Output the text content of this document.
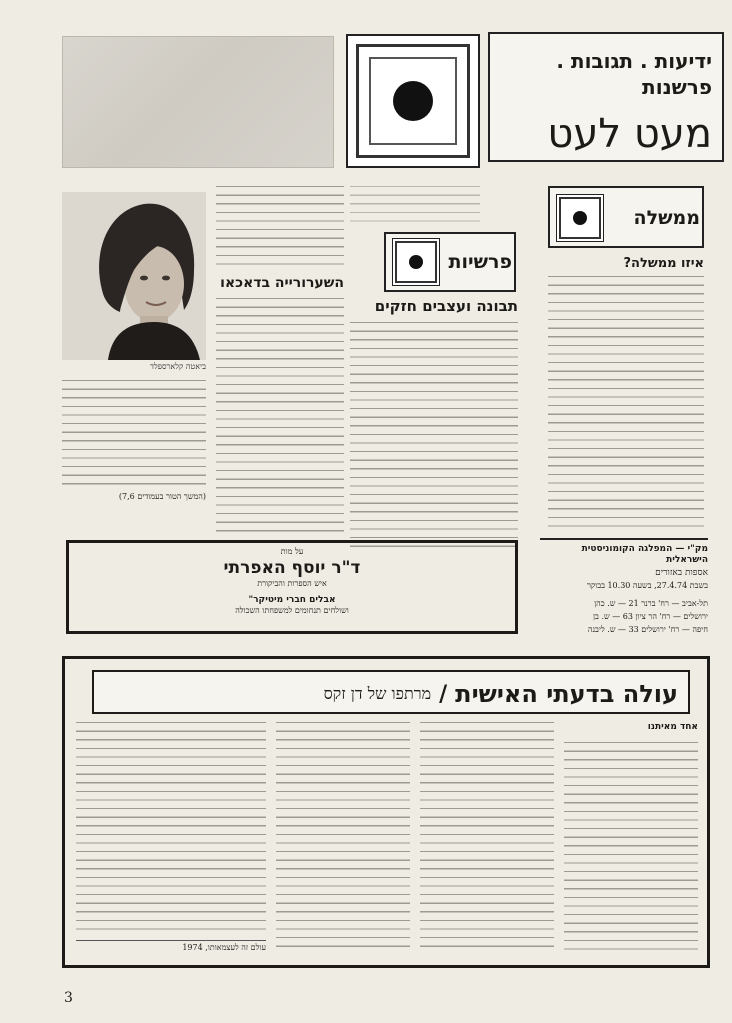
ידיעות . תגובות . פרשנות
מעט לעט
ביאטה קלארספלד
(המשך הטור בעמודים 7,6)
השערורייה בדאכאו
פרשיות
תבונה ועצבים חזקים
ממשלה
איזו ממשלה?
מק"י — המפלגה הקומוניסטית
הישראלית
אספות באזורים
בשבת 27.4.74, בשעה 10.30 בבוקר
תל-אביב — רח' ברנר 21 — ש. כהן
ירושלים — רח' הר ציון 63 — ש. בן
חיפה — רח' ירושלים 33 — ש. ליבנה
על מות
ד"ר יוסף האפרתי
איש הספרות והביקורת
אבלים חברי מיטיקר"
ושולחים תנחומים למשפחתו השכולה
עולה בדעתי האישית
/
מרתפו של דן זקס
אחד מאיתנו
עולם זה לעצמאותו, 1974
3
